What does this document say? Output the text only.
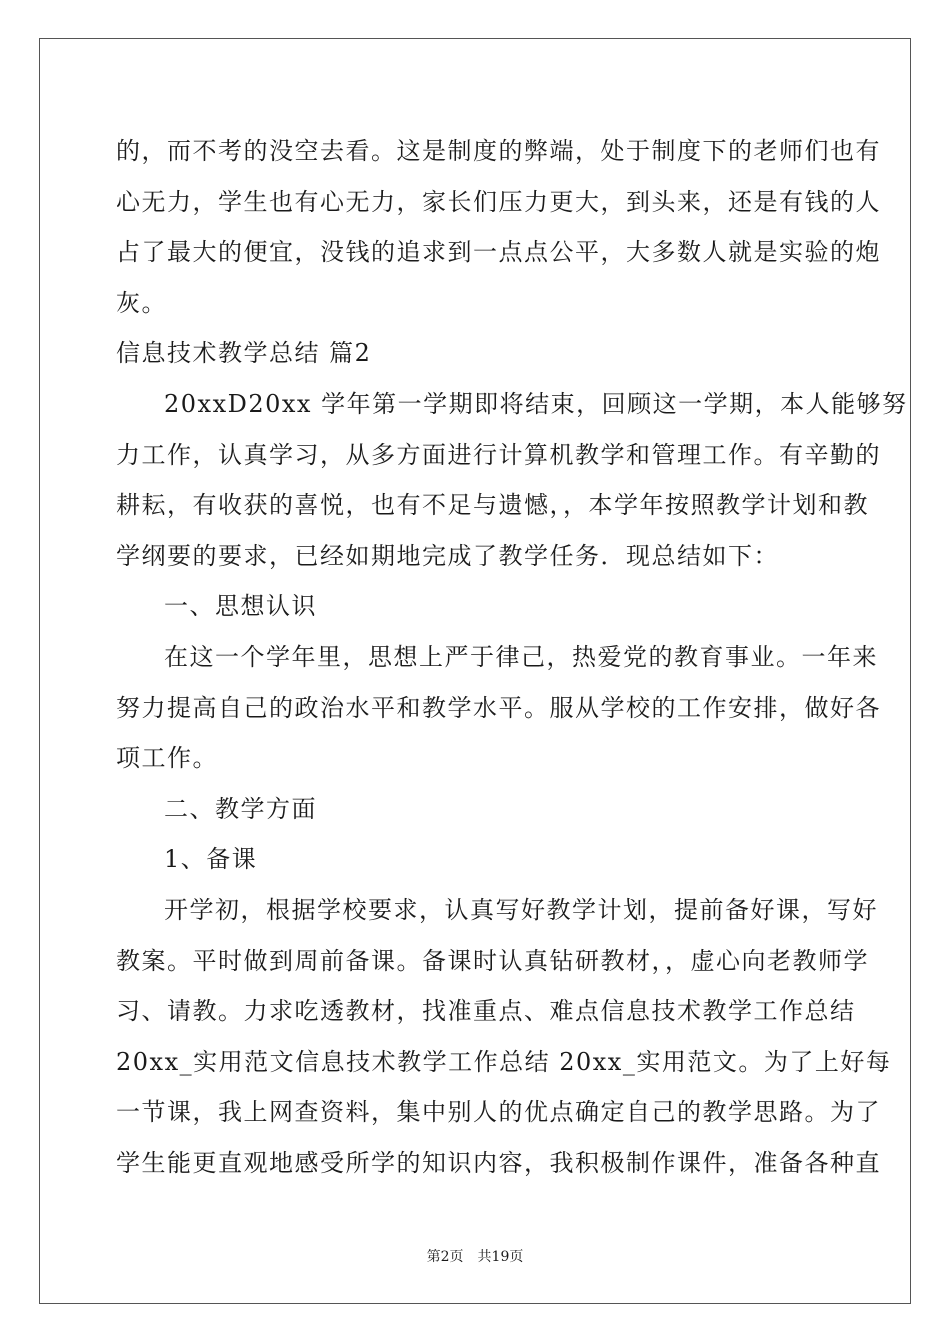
的，而不考的没空去看。这是制度的弊端，处于制度下的老师们也有
心无力，学生也有心无力，家长们压力更大，到头来，还是有钱的人
占了最大的便宜，没钱的追求到一点点公平，大多数人就是实验的炮
灰。
信息技术教学总结 篇2
20xxD20xx 学年第一学期即将结束，回顾这一学期，本人能够努
力工作，认真学习，从多方面进行计算机教学和管理工作。有辛勤的
耕耘，有收获的喜悦，也有不足与遗憾，，本学年按照教学计划和教
学纲要的要求，已经如期地完成了教学任务．现总结如下：
一、思想认识
在这一个学年里，思想上严于律己，热爱党的教育事业。一年来
努力提高自己的政治水平和教学水平。服从学校的工作安排，做好各
项工作。
二、教学方面
1、备课
开学初，根据学校要求，认真写好教学计划，提前备好课，写好
教案。平时做到周前备课。备课时认真钻研教材，，虚心向老教师学
习、请教。力求吃透教材，找准重点、难点信息技术教学工作总结
20xx_实用范文信息技术教学工作总结 20xx_实用范文。为了上好每
一节课，我上网查资料，集中别人的优点确定自己的教学思路。为了
学生能更直观地感受所学的知识内容，我积极制作课件，准备各种直
第2页 共19页
